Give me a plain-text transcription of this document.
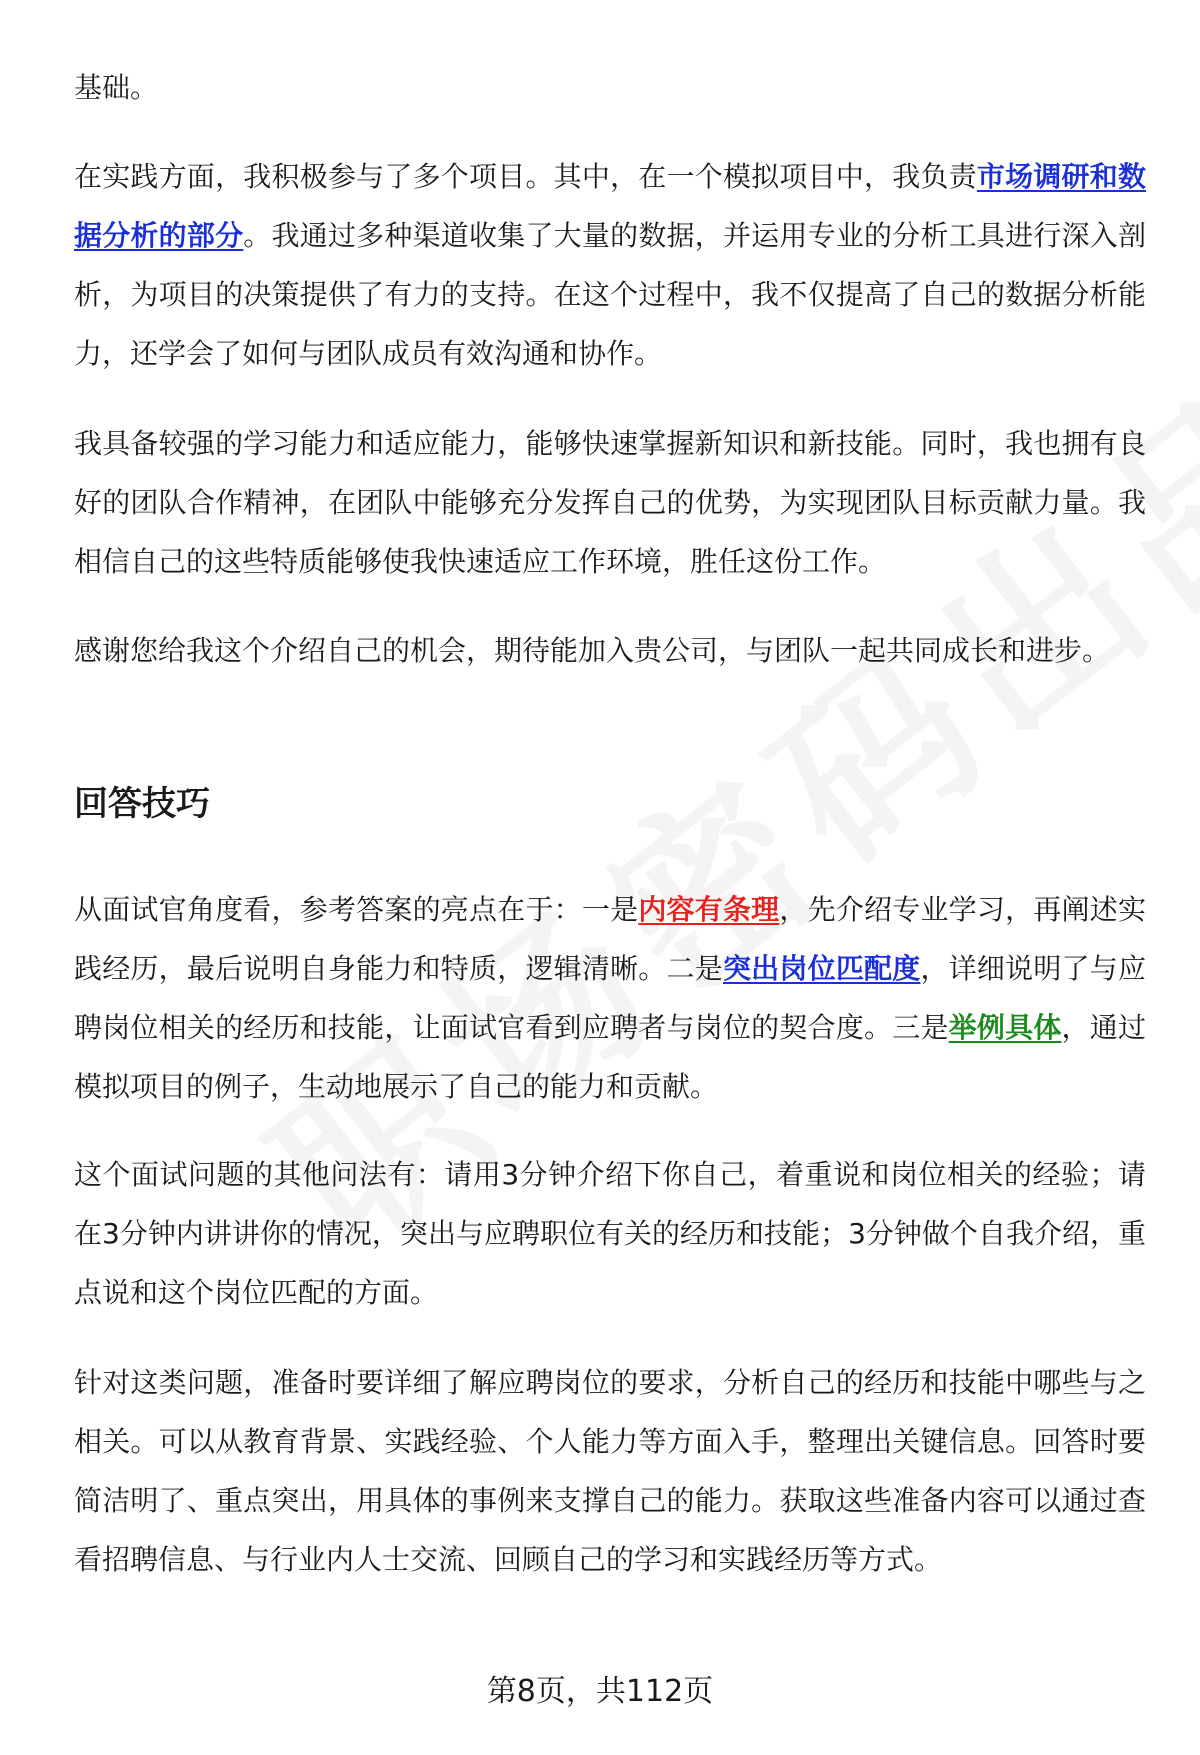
基础。

在实践方面，我积极参与了多个项目。其中，在一个模拟项目中，我负责市场调研和数据分析的部分。我通过多种渠道收集了大量的数据，并运用专业的分析工具进行深入剖析，为项目的决策提供了有力的支持。在这个过程中，我不仅提高了自己的数据分析能力，还学会了如何与团队成员有效沟通和协作。

我具备较强的学习能力和适应能力，能够快速掌握新知识和新技能。同时，我也拥有良好的团队合作精神，在团队中能够充分发挥自己的优势，为实现团队目标贡献力量。我相信自己的这些特质能够使我快速适应工作环境，胜任这份工作。

感谢您给我这个介绍自己的机会，期待能加入贵公司，与团队一起共同成长和进步。

回答技巧

从面试官角度看，参考答案的亮点在于：一是内容有条理，先介绍专业学习，再阐述实践经历，最后说明自身能力和特质，逻辑清晰。二是突出岗位匹配度，详细说明了与应聘岗位相关的经历和技能，让面试官看到应聘者与岗位的契合度。三是举例具体，通过模拟项目的例子，生动地展示了自己的能力和贡献。

这个面试问题的其他问法有：请用3分钟介绍下你自己，着重说和岗位相关的经验；请在3分钟内讲讲你的情况，突出与应聘职位有关的经历和技能；3分钟做个自我介绍，重点说和这个岗位匹配的方面。

针对这类问题，准备时要详细了解应聘岗位的要求，分析自己的经历和技能中哪些与之相关。可以从教育背景、实践经验、个人能力等方面入手，整理出关键信息。回答时要简洁明了、重点突出，用具体的事例来支撑自己的能力。获取这些准备内容可以通过查看招聘信息、与行业内人士交流、回顾自己的学习和实践经历等方式。

第8页，共112页
